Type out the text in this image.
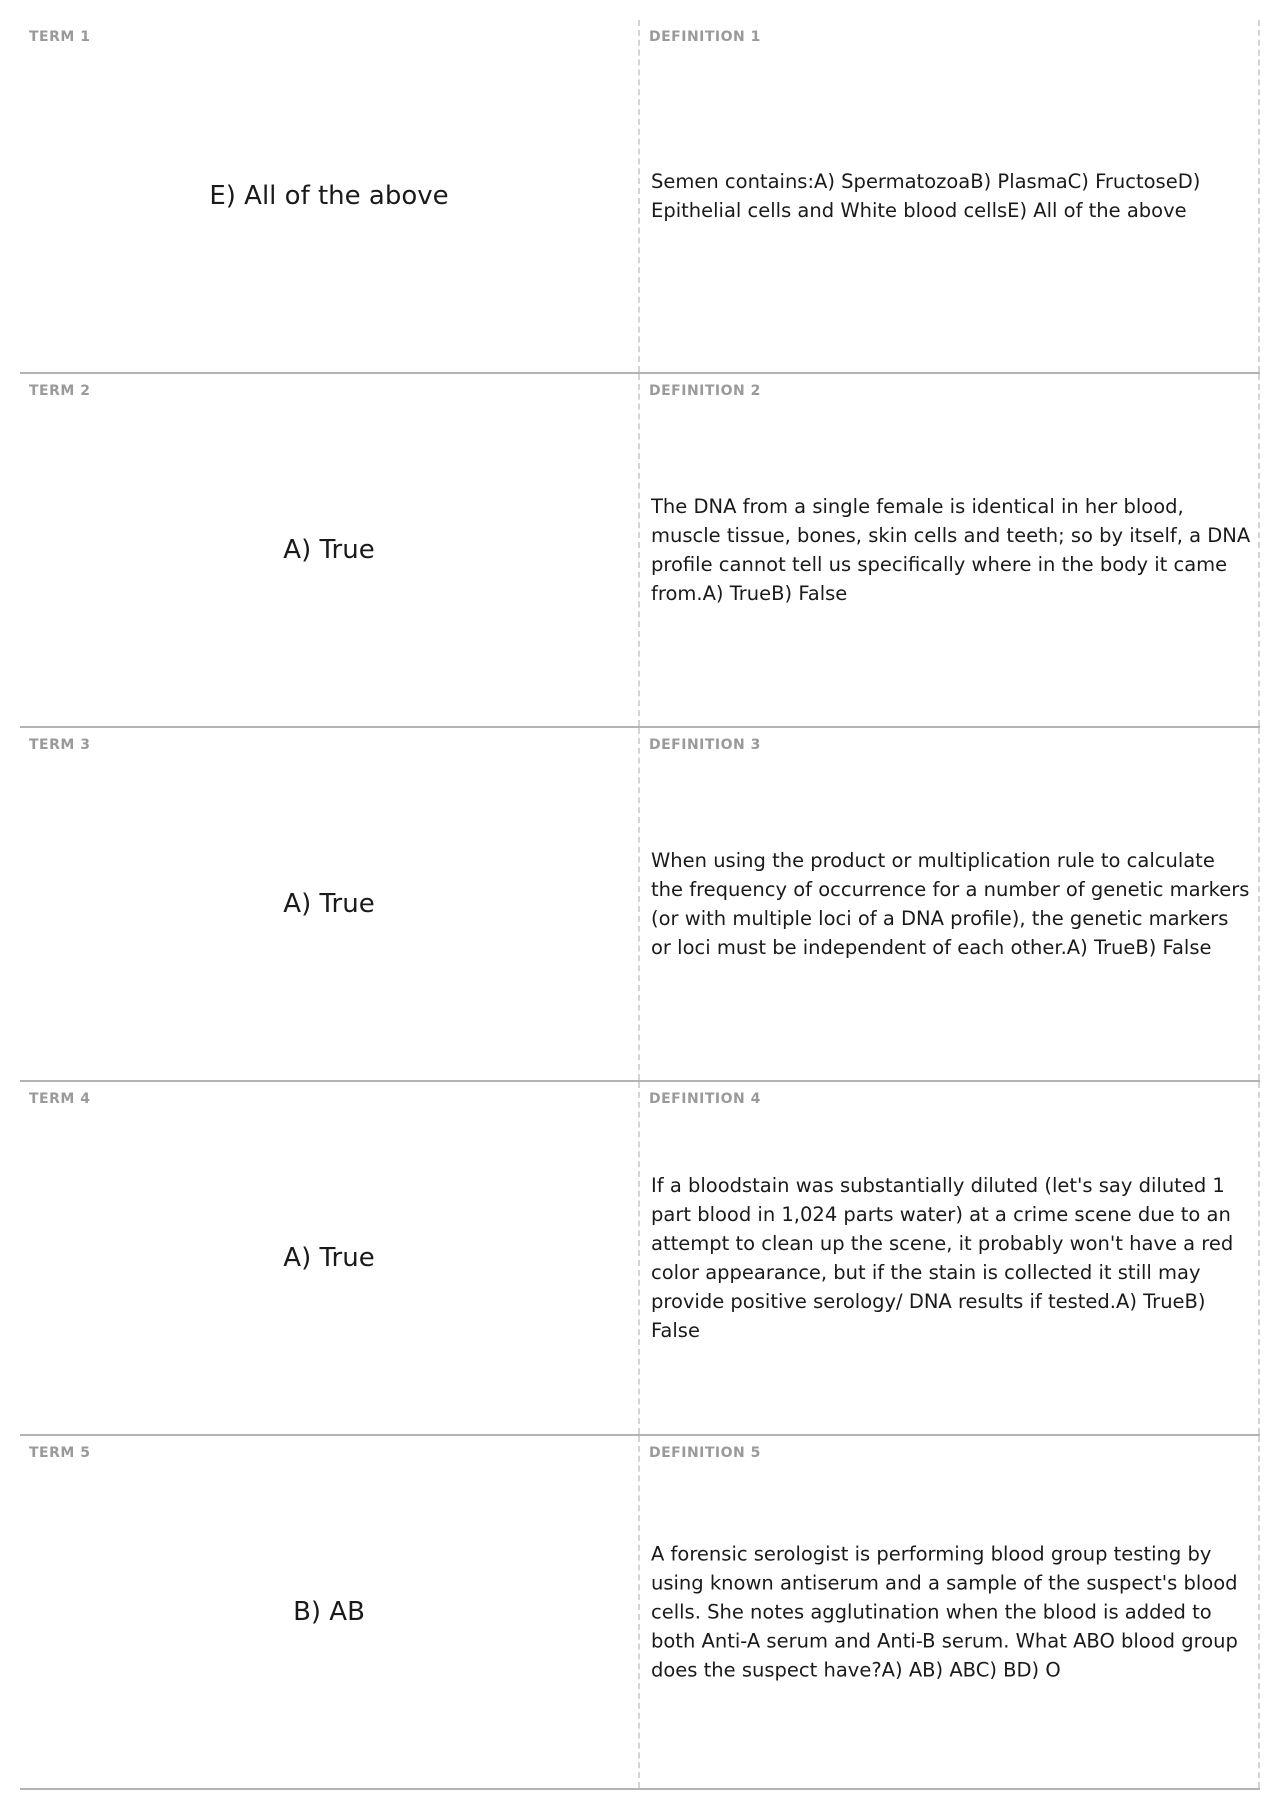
TERM 1
E) All of the above
DEFINITION 1
Semen contains:A) SpermatozoaB) PlasmaC) FructoseD) Epithelial cells and White blood cellsE) All of the above
TERM 2
A) True
DEFINITION 2
The DNA from a single female is identical in her blood, muscle tissue, bones, skin cells and teeth; so by itself, a DNA profile cannot tell us specifically where in the body it came from.A) TrueB) False
TERM 3
A) True
DEFINITION 3
When using the product or multiplication rule to calculate the frequency of occurrence for a number of genetic markers (or with multiple loci of a DNA profile), the genetic markers or loci must be independent of each other.A) TrueB) False
TERM 4
A) True
DEFINITION 4
If a bloodstain was substantially diluted (let's say diluted 1 part blood in 1,024 parts water) at a crime scene due to an attempt to clean up the scene, it probably won't have a red color appearance, but if the stain is collected it still may provide positive serology/ DNA results if tested.A) TrueB) False
TERM 5
B) AB
DEFINITION 5
A forensic serologist is performing blood group testing by using known antiserum and a sample of the suspect's blood cells. She notes agglutination when the blood is added to both Anti-A serum and Anti-B serum. What ABO blood group does the suspect have?A) AB) ABC) BD) O
